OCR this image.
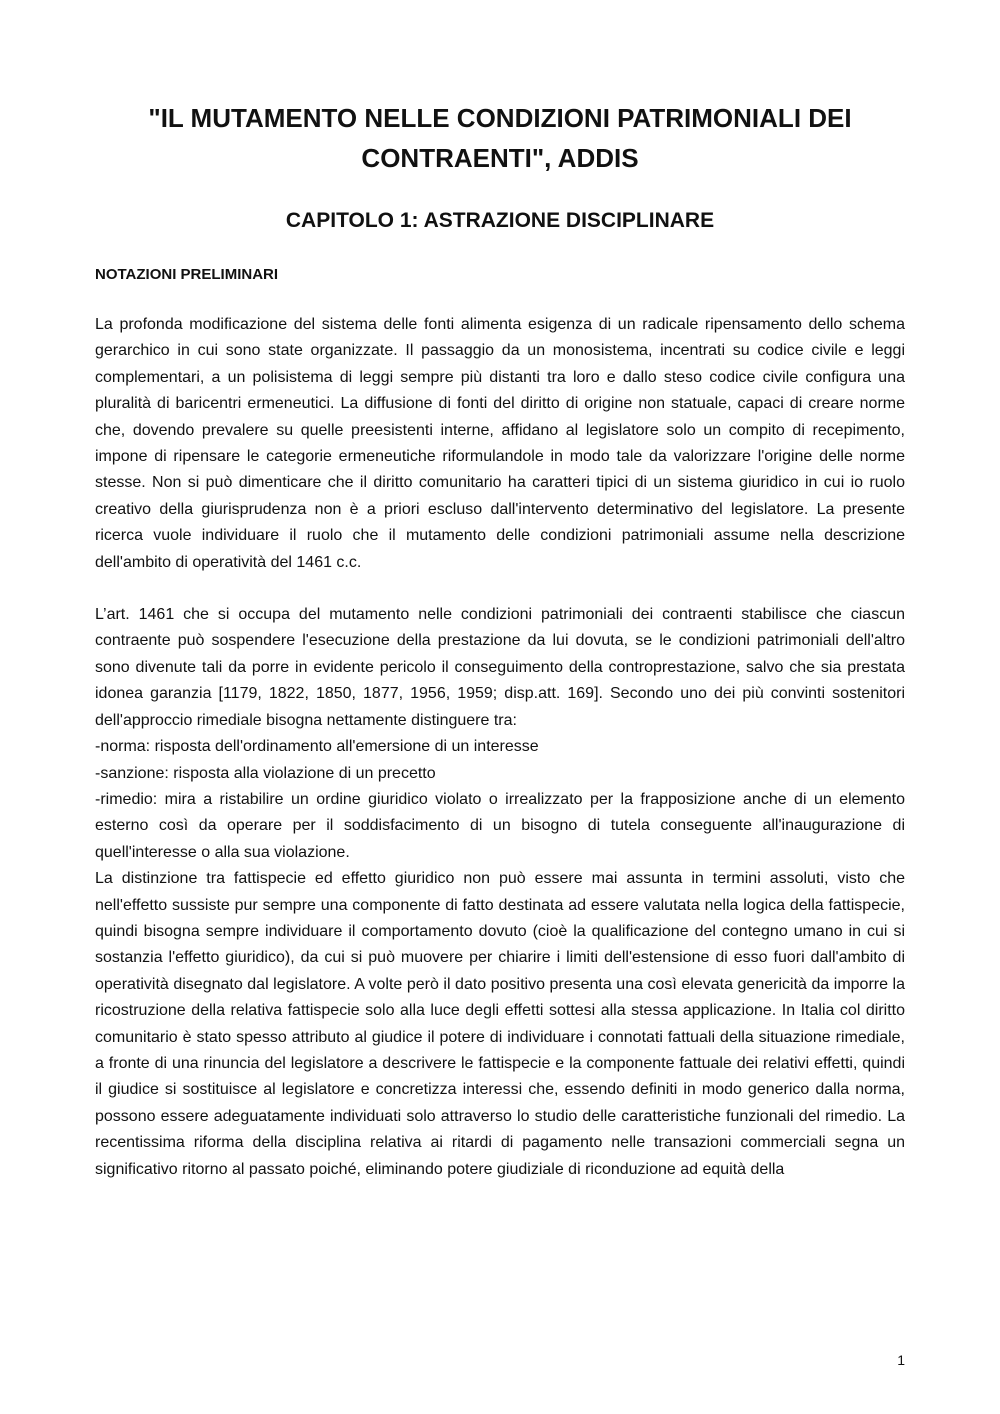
"IL MUTAMENTO NELLE CONDIZIONI PATRIMONIALI DEI CONTRAENTI", ADDIS
CAPITOLO 1: ASTRAZIONE DISCIPLINARE
NOTAZIONI PRELIMINARI

La profonda modificazione del sistema delle fonti alimenta esigenza di un radicale ripensamento dello schema gerarchico in cui sono state organizzate. Il passaggio da un monosistema, incentrati su codice civile e leggi complementari, a un polisistema di leggi sempre più distanti tra loro e dallo steso codice civile configura una pluralità di baricentri ermeneutici. La diffusione di fonti del diritto di origine non statuale, capaci di creare norme che, dovendo prevalere su quelle preesistenti interne, affidano al legislatore solo un compito di recepimento, impone di ripensare le categorie ermeneutiche riformulandole in modo tale da valorizzare l'origine delle norme stesse. Non si può dimenticare che il diritto comunitario ha caratteri tipici di un sistema giuridico in cui io ruolo creativo della giurisprudenza non è a priori escluso dall'intervento determinativo del legislatore. La presente ricerca vuole individuare il ruolo che il mutamento delle condizioni patrimoniali assume nella descrizione dell'ambito di operatività del 1461 c.c.

L’art. 1461 che si occupa del mutamento nelle condizioni patrimoniali dei contraenti stabilisce che ciascun contraente può sospendere l'esecuzione della prestazione da lui dovuta, se le condizioni patrimoniali dell'altro sono divenute tali da porre in evidente pericolo il conseguimento della controprestazione, salvo che sia prestata idonea garanzia [1179, 1822, 1850, 1877, 1956, 1959; disp.att. 169]. Secondo uno dei più convinti sostenitori dell'approccio rimediale bisogna nettamente distinguere tra:

-norma: risposta dell'ordinamento all'emersione di un interesse

-sanzione: risposta alla violazione di un precetto

-rimedio: mira a ristabilire un ordine giuridico violato o irrealizzato per la frapposizione anche di un elemento esterno così da operare per il soddisfacimento di un bisogno di tutela conseguente all'inaugurazione di quell'interesse o alla sua violazione.

La distinzione tra fattispecie ed effetto giuridico non può essere mai assunta in termini assoluti, visto che nell'effetto sussiste pur sempre una componente di fatto destinata ad essere valutata nella logica della fattispecie, quindi bisogna sempre individuare il comportamento dovuto (cioè la qualificazione del contegno umano in cui si sostanzia l'effetto giuridico), da cui si può muovere per chiarire i limiti dell'estensione di esso fuori dall'ambito di operatività disegnato dal legislatore. A volte però il dato positivo presenta una così elevata genericità da imporre la ricostruzione della relativa fattispecie solo alla luce degli effetti sottesi alla stessa applicazione. In Italia col diritto comunitario è stato spesso attributo al giudice il potere di individuare i connotati fattuali della situazione rimediale, a fronte di una rinuncia del legislatore a descrivere le fattispecie e la componente fattuale dei relativi effetti, quindi il giudice si sostituisce al legislatore e concretizza interessi che, essendo definiti in modo generico dalla norma, possono essere adeguatamente individuati solo attraverso lo studio delle caratteristiche funzionali del rimedio. La recentissima riforma della disciplina relativa ai ritardi di pagamento nelle transazioni commerciali segna un significativo ritorno al passato poiché, eliminando potere giudiziale di riconduzione ad equità della

1
